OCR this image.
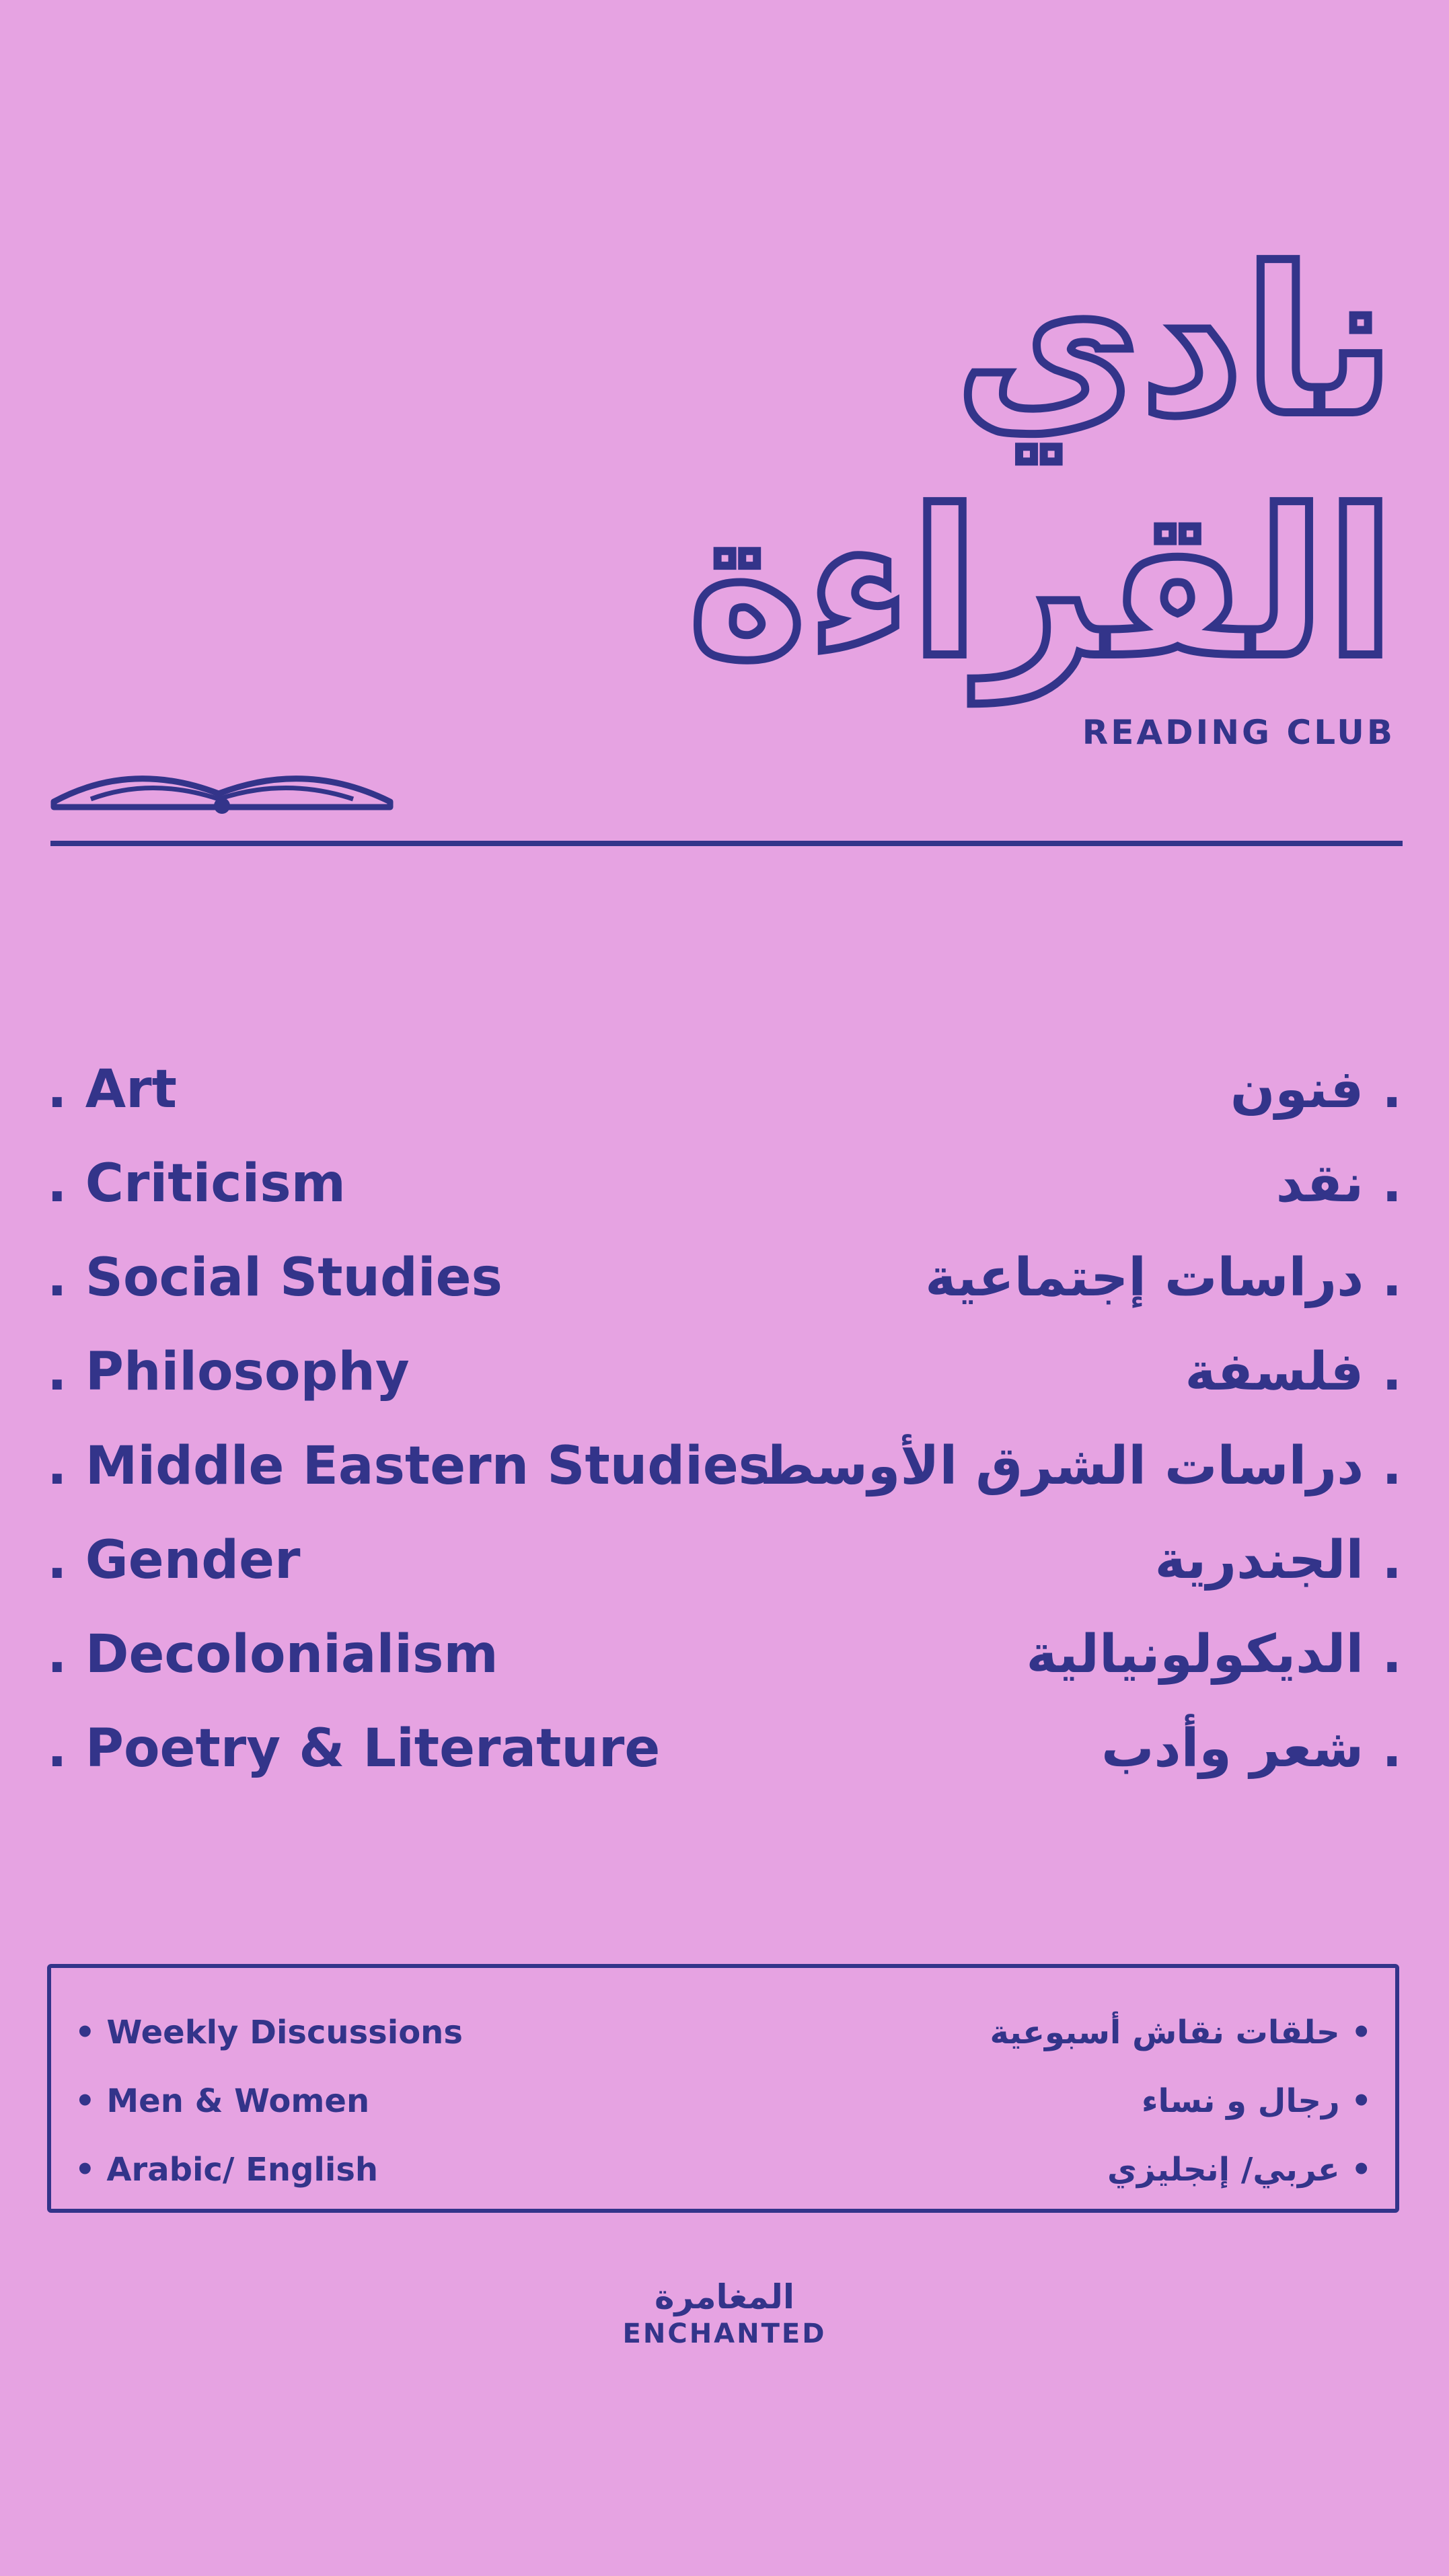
نادي القراءة
READING CLUB
. Art
. Criticism
. Social Studies
. Philosophy
. Middle Eastern Studies
. Gender
. Decolonialism
. Poetry & Literature
. فنون
. نقد
. دراسات إجتماعية
. فلسفة
. دراسات الشرق الأوسط
. الجندرية
. الديكولونيالية
. شعر وأدب
• Weekly Discussions
• Men & Women
• Arabic/ English
• حلقات نقاش أسبوعية
• رجال و نساء
• عربي/ إنجليزي
المغامرة
ENCHANTED
